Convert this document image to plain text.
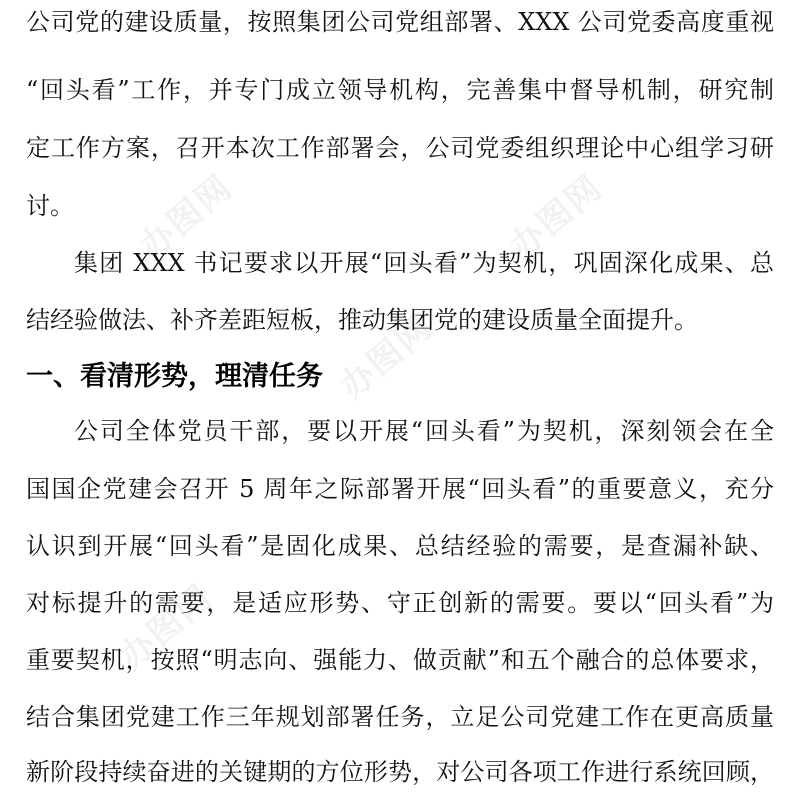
办图网	办图网
办图网
办图网
公司党的建设质量，按照集团公司党组部署、XXX 公司党委高度重视
“回头看”工作，并专门成立领导机构，完善集中督导机制，研究制
定工作方案，召开本次工作部署会，公司党委组织理论中心组学习研
讨。
集团 XXX 书记要求以开展“回头看”为契机，巩固深化成果、总
结经验做法、补齐差距短板，推动集团党的建设质量全面提升。
一、看清形势，理清任务
公司全体党员干部，要以开展“回头看”为契机，深刻领会在全
国国企党建会召开 5 周年之际部署开展“回头看”的重要意义，充分
认识到开展“回头看”是固化成果、总结经验的需要，是查漏补缺、
对标提升的需要，是适应形势、守正创新的需要。要以“回头看”为
重要契机，按照“明志向、强能力、做贡献”和五个融合的总体要求，
结合集团党建工作三年规划部署任务，立足公司党建工作在更高质量
新阶段持续奋进的关键期的方位形势，对公司各项工作进行系统回顾，
